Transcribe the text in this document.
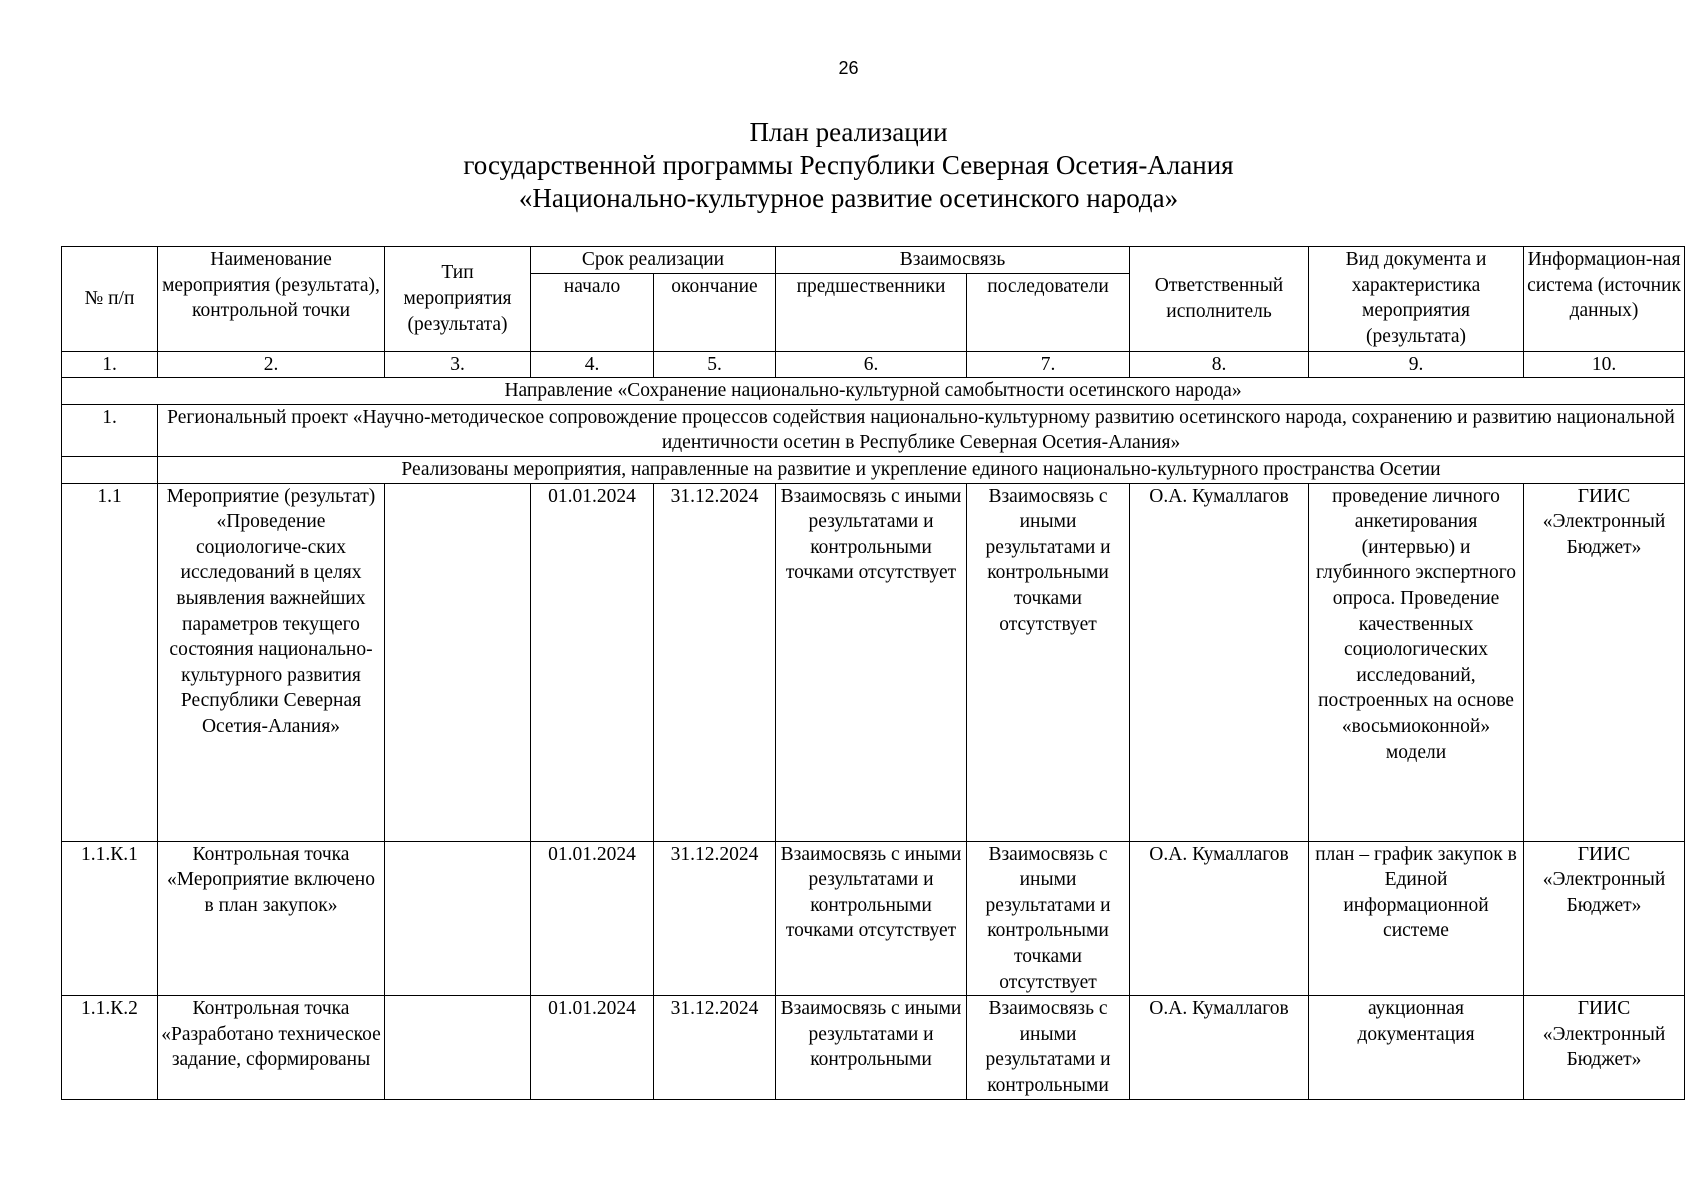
26
План реализации
государственной программы Республики Северная Осетия-Алания
«Национально-культурное развитие осетинского народа»
№ п/п	Наименование мероприятия (результата), контрольной точки	Тип мероприятия (результата)	Срок реализации		Взаимосвязь		Ответственный исполнитель	Вид документа и характеристика мероприятия (результата)	Информацион-ная система (источник данных)
			начало	окончание	предшественники	последователи			
1.	2.	3.	4.	5.	6.	7.	8.	9.	10.
Направление «Сохранение национально-культурной самобытности осетинского народа»									
1.	Региональный проект «Научно-методическое сопровождение процессов содействия национально-культурному развитию осетинского народа, сохранению и развитию национальной идентичности осетин в Республике Северная Осетия-Алания»								
	Реализованы мероприятия, направленные на развитие и укрепление единого национально-культурного пространства Осетии								
1.1	Мероприятие (результат) «Проведение социологиче-ских исследований в целях выявления важнейших параметров текущего состояния национально-культурного развития Республики Северная Осетия-Алания»		01.01.2024	31.12.2024	Взаимосвязь с иными результатами и контрольными точками отсутствует	Взаимосвязь с иными результатами и контрольными точками отсутствует	О.А. Кумаллагов	проведение личного анкетирования (интервью) и глубинного экспертного опроса. Проведение качественных социологических исследований, построенных на основе «восьмиоконной» модели	ГИИС «Электронный Бюджет»
1.1.К.1	Контрольная точка «Мероприятие включено в план закупок»		01.01.2024	31.12.2024	Взаимосвязь с иными результатами и контрольными точками отсутствует	Взаимосвязь с иными результатами и контрольными точками отсутствует	О.А. Кумаллагов	план – график закупок в Единой информационной системе	ГИИС «Электронный Бюджет»
1.1.К.2	Контрольная точка «Разработано техническое задание, сформированы		01.01.2024	31.12.2024	Взаимосвязь с иными результатами и контрольными	Взаимосвязь с иными результатами и контрольными	О.А. Кумаллагов	аукционная документация	ГИИС «Электронный Бюджет»
